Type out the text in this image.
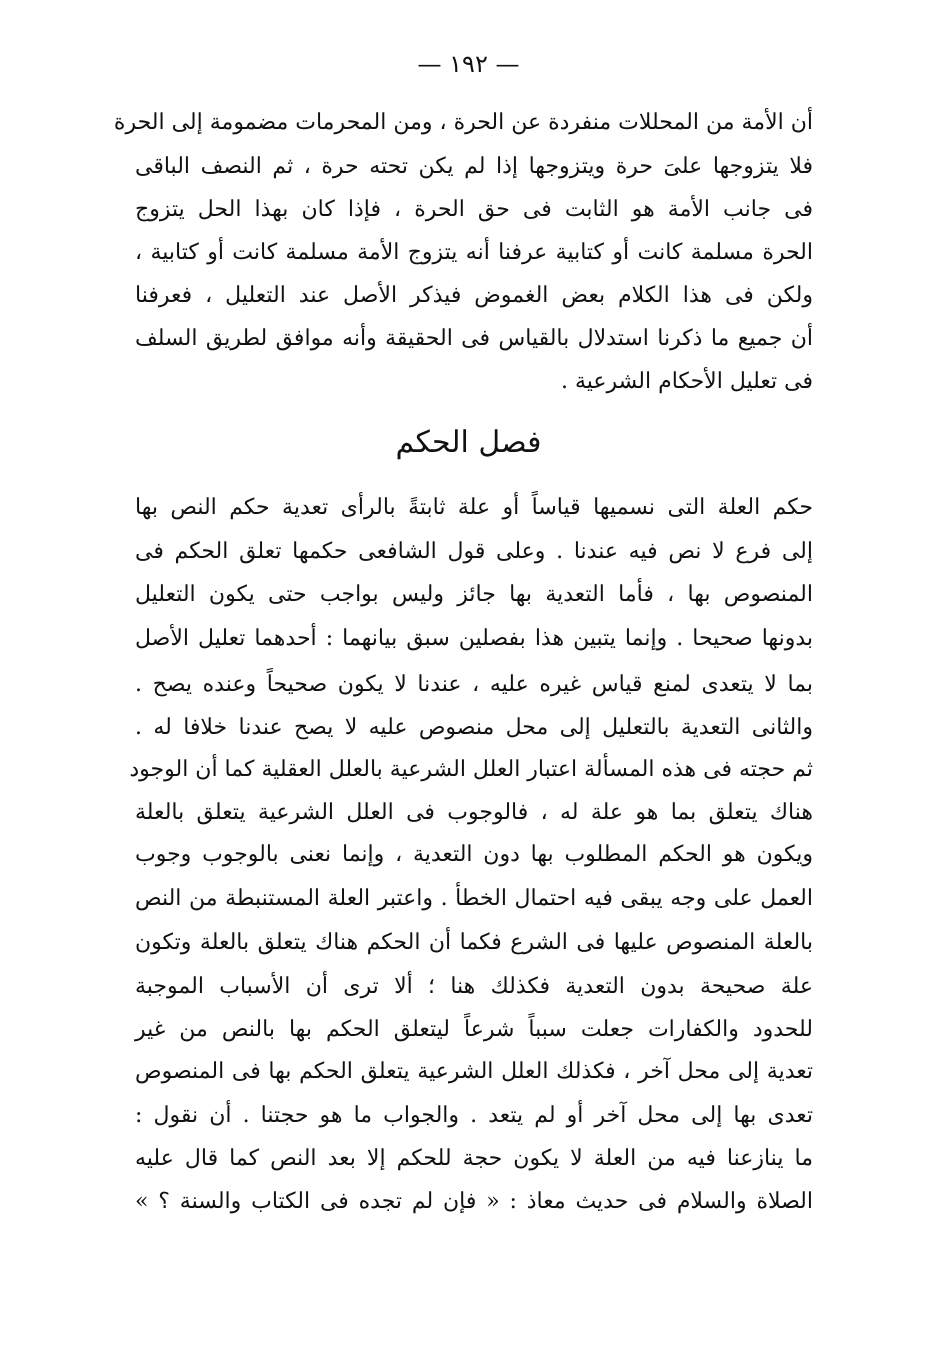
— ١٩٢ —
أن الأمة من المحللات منفردة عن الحرة ، ومن المحرمات مضمومة إلى الحرة
فلا يتزوجها علىَ حرة ويتزوجها إذا لم يكن تحته حرة ، ثم النصف الباقى
فى جانب الأمة هو الثابت فى حق الحرة ، فإذا كان بهذا الحل يتزوج
الحرة مسلمة كانت أو كتابية عرفنا أنه يتزوج الأمة مسلمة كانت أو كتابية ،
ولكن فى هذا الكلام بعض الغموض فيذكر الأصل عند التعليل ، فعرفنا
أن جميع ما ذكرنا استدلال بالقياس فى الحقيقة وأنه موافق لطريق السلف
فى تعليل الأحكام الشرعية .
فصل الحكم
حكم العلة التى نسميها قياساً أو علة ثابتةً بالرأى تعدية حكم النص بها
إلى فرع لا نص فيه عندنا . وعلى قول الشافعى حكمها تعلق الحكم فى
المنصوص بها ، فأما التعدية بها جائز وليس بواجب حتى يكون التعليل
بدونها صحيحا . وإنما يتبين هذا بفصلين سبق بيانهما : أحدهما تعليل الأصل
بما لا يتعدى لمنع قياس غيره عليه ، عندنا لا يكون صحيحاً وعنده يصح .
والثانى التعدية بالتعليل إلى محل منصوص عليه لا يصح عندنا خلافا له .
ثم حجته فى هذه المسألة اعتبار العلل الشرعية بالعلل العقلية كما أن الوجود
هناك يتعلق بما هو علة له ، فالوجوب فى العلل الشرعية يتعلق بالعلة
ويكون هو الحكم المطلوب بها دون التعدية ، وإنما نعنى بالوجوب وجوب
العمل على وجه يبقى فيه احتمال الخطأ . واعتبر العلة المستنبطة من النص
بالعلة المنصوص عليها فى الشرع فكما أن الحكم هناك يتعلق بالعلة وتكون
علة صحيحة بدون التعدية فكذلك هنا ؛ ألا ترى أن الأسباب الموجبة
للحدود والكفارات جعلت سبباً شرعاً ليتعلق الحكم بها بالنص من غير
تعدية إلى محل آخر ، فكذلك العلل الشرعية يتعلق الحكم بها فى المنصوص
تعدى بها إلى محل آخر أو لم يتعد . والجواب ما هو حجتنا . أن نقول :
ما ينازعنا فيه من العلة لا يكون حجة للحكم إلا بعد النص كما قال عليه
الصلاة والسلام فى حديث معاذ : « فإن لم تجده فى الكتاب والسنة ؟ »
